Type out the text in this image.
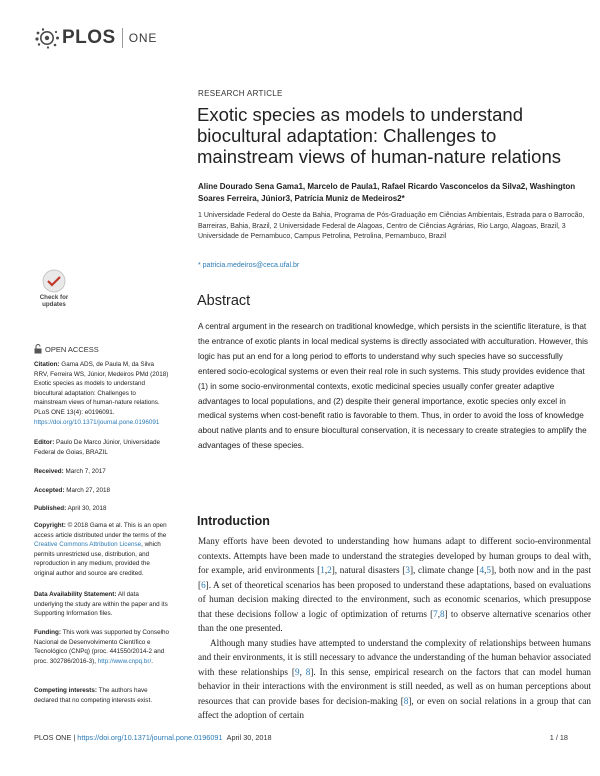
PLOS ONE
Check for
updates
OPEN ACCESS
Citation: Gama ADS, de Paula M, da Silva RRV, Ferreira WS, Júnior, Medeiros PMd (2018) Exotic species as models to understand biocultural adaptation: Challenges to mainstream views of human-nature relations. PLoS ONE 13(4): e0196091. https://doi.org/10.1371/journal.pone.0196091
Editor: Paulo De Marco Júnior, Universidade Federal de Goias, BRAZIL
Received: March 7, 2017
Accepted: March 27, 2018
Published: April 30, 2018
Copyright: © 2018 Gama et al. This is an open access article distributed under the terms of the Creative Commons Attribution License, which permits unrestricted use, distribution, and reproduction in any medium, provided the original author and source are credited.
Data Availability Statement: All data underlying the study are within the paper and its Supporting Information files.
Funding: This work was supported by Conselho Nacional de Desenvolvimento Científico e Tecnológico (CNPq) (proc. 441550/2014-2 and proc. 302786/2016-3), http://www.cnpq.br/.
Competing interests: The authors have declared that no competing interests exist.
RESEARCH ARTICLE
Exotic species as models to understand biocultural adaptation: Challenges to mainstream views of human-nature relations
Aline Dourado Sena Gama1, Marcelo de Paula1, Rafael Ricardo Vasconcelos da Silva2, Washington Soares Ferreira, Júnior3, Patrícia Muniz de Medeiros2*
1 Universidade Federal do Oeste da Bahia, Programa de Pós-Graduação em Ciências Ambientais, Estrada para o Barrocão, Barreiras, Bahia, Brazil, 2 Universidade Federal de Alagoas, Centro de Ciências Agrárias, Rio Largo, Alagoas, Brazil, 3 Universidade de Pernambuco, Campus Petrolina, Petrolina, Pernambuco, Brazil
* patricia.medeiros@ceca.ufal.br
Abstract
A central argument in the research on traditional knowledge, which persists in the scientific literature, is that the entrance of exotic plants in local medical systems is directly associated with acculturation. However, this logic has put an end for a long period to efforts to understand why such species have so successfully entered socio-ecological systems or even their real role in such systems. This study provides evidence that (1) in some socio-environmental contexts, exotic medicinal species usually confer greater adaptive advantages to local populations, and (2) despite their general importance, exotic species only excel in medical systems when cost-benefit ratio is favorable to them. Thus, in order to avoid the loss of knowledge about native plants and to ensure biocultural conservation, it is necessary to create strategies to amplify the advantages of these species.
Introduction
Many efforts have been devoted to understanding how humans adapt to different socio-environmental contexts. Attempts have been made to understand the strategies developed by human groups to deal with, for example, arid environments [1,2], natural disasters [3], climate change [4,5], both now and in the past [6]. A set of theoretical scenarios has been proposed to understand these adaptations, based on evaluations of human decision making directed to the environment, such as economic scenarios, which presuppose that these decisions follow a logic of optimization of returns [7,8] to observe alternative scenarios other than the one presented.
Although many studies have attempted to understand the complexity of relationships between humans and their environments, it is still necessary to advance the understanding of the human behavior associated with these relationships [9, 8]. In this sense, empirical research on the factors that can model human behavior in their interactions with the environment is still needed, as well as on human perceptions about resources that can provide bases for decision-making [8], or even on social relations in a group that can affect the adoption of certain
PLOS ONE | https://doi.org/10.1371/journal.pone.0196091 April 30, 2018	1 / 18
